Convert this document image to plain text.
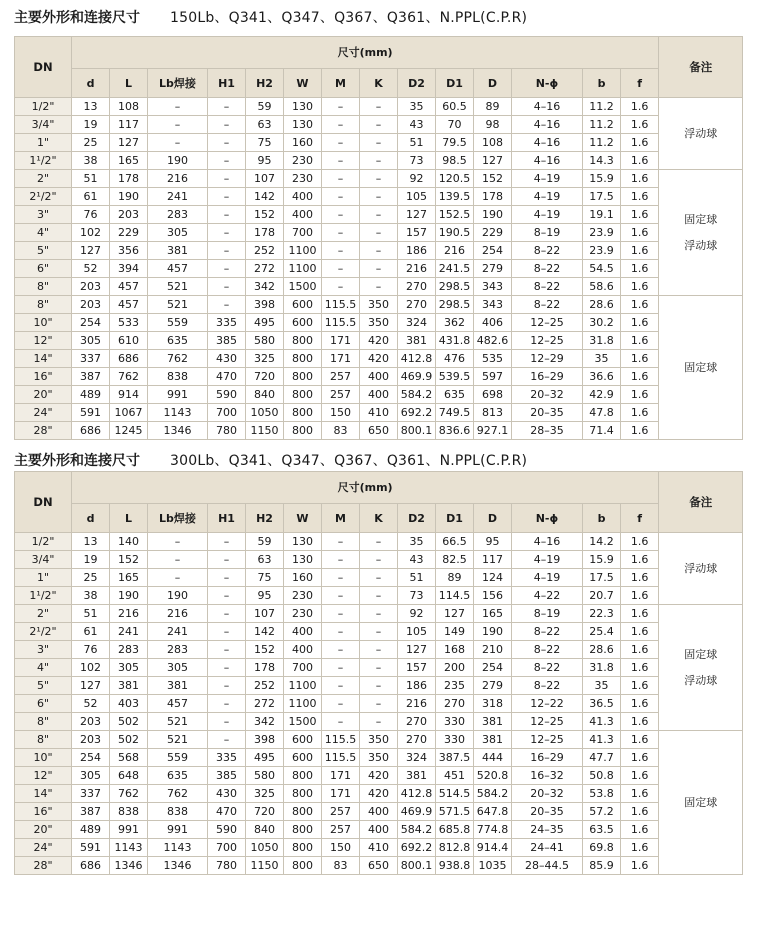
主要外形和连接尺寸 150Lb、Q341、Q347、Q367、Q361、N.PPL(C.P.R)
DN	尺寸(mm)														备注
	d	L	Lb焊接	H1	H2	W	M	K	D2	D1	D	N-ϕ	b	f	
1/2"	13	108	–	–	59	130	–	–	35	60.5	89	4–16	11.2	1.6	浮动球

3/4"	19	117	–	–	63	130	–	–	43	70	98	4–16	11.2	1.6	
1"	25	127	–	–	75	160	–	–	51	79.5	108	4–16	11.2	1.6	
1¹/2"	38	165	190	–	95	230	–	–	73	98.5	127	4–16	14.3	1.6	
2"	51	178	216	–	107	230	–	–	92	120.5	152	4–19	15.9	1.6	固定球
浮动球

2¹/2"	61	190	241	–	142	400	–	–	105	139.5	178	4–19	17.5	1.6	
3"	76	203	283	–	152	400	–	–	127	152.5	190	4–19	19.1	1.6	
4"	102	229	305	–	178	700	–	–	157	190.5	229	8–19	23.9	1.6	
5"	127	356	381	–	252	1100	–	–	186	216	254	8–22	23.9	1.6	
6"	52	394	457	–	272	1100	–	–	216	241.5	279	8–22	54.5	1.6	
8"	203	457	521	–	342	1500	–	–	270	298.5	343	8–22	58.6	1.6	
8"	203	457	521	–	398	600	115.5	350	270	298.5	343	8–22	28.6	1.6	固定球

10"	254	533	559	335	495	600	115.5	350	324	362	406	12–25	30.2	1.6	
12"	305	610	635	385	580	800	171	420	381	431.8	482.6	12–25	31.8	1.6	
14"	337	686	762	430	325	800	171	420	412.8	476	535	12–29	35	1.6	
16"	387	762	838	470	720	800	257	400	469.9	539.5	597	16–29	36.6	1.6	
20"	489	914	991	590	840	800	257	400	584.2	635	698	20–32	42.9	1.6	
24"	591	1067	1143	700	1050	800	150	410	692.2	749.5	813	20–35	47.8	1.6	
28"	686	1245	1346	780	1150	800	83	650	800.1	836.6	927.1	28–35	71.4	1.6	
主要外形和连接尺寸 300Lb、Q341、Q347、Q367、Q361、N.PPL(C.P.R)
DN	尺寸(mm)														备注
	d	L	Lb焊接	H1	H2	W	M	K	D2	D1	D	N-ϕ	b	f	
1/2"	13	140	–	–	59	130	–	–	35	66.5	95	4–16	14.2	1.6	浮动球

3/4"	19	152	–	–	63	130	–	–	43	82.5	117	4–19	15.9	1.6	
1"	25	165	–	–	75	160	–	–	51	89	124	4–19	17.5	1.6	
1¹/2"	38	190	190	–	95	230	–	–	73	114.5	156	4–22	20.7	1.6	
2"	51	216	216	–	107	230	–	–	92	127	165	8–19	22.3	1.6	固定球
浮动球

2¹/2"	61	241	241	–	142	400	–	–	105	149	190	8–22	25.4	1.6	
3"	76	283	283	–	152	400	–	–	127	168	210	8–22	28.6	1.6	
4"	102	305	305	–	178	700	–	–	157	200	254	8–22	31.8	1.6	
5"	127	381	381	–	252	1100	–	–	186	235	279	8–22	35	1.6	
6"	52	403	457	–	272	1100	–	–	216	270	318	12–22	36.5	1.6	
8"	203	502	521	–	342	1500	–	–	270	330	381	12–25	41.3	1.6	
8"	203	502	521	–	398	600	115.5	350	270	330	381	12–25	41.3	1.6	固定球

10"	254	568	559	335	495	600	115.5	350	324	387.5	444	16–29	47.7	1.6	
12"	305	648	635	385	580	800	171	420	381	451	520.8	16–32	50.8	1.6	
14"	337	762	762	430	325	800	171	420	412.8	514.5	584.2	20–32	53.8	1.6	
16"	387	838	838	470	720	800	257	400	469.9	571.5	647.8	20–35	57.2	1.6	
20"	489	991	991	590	840	800	257	400	584.2	685.8	774.8	24–35	63.5	1.6	
24"	591	1143	1143	700	1050	800	150	410	692.2	812.8	914.4	24–41	69.8	1.6	
28"	686	1346	1346	780	1150	800	83	650	800.1	938.8	1035	28–44.5	85.9	1.6	
